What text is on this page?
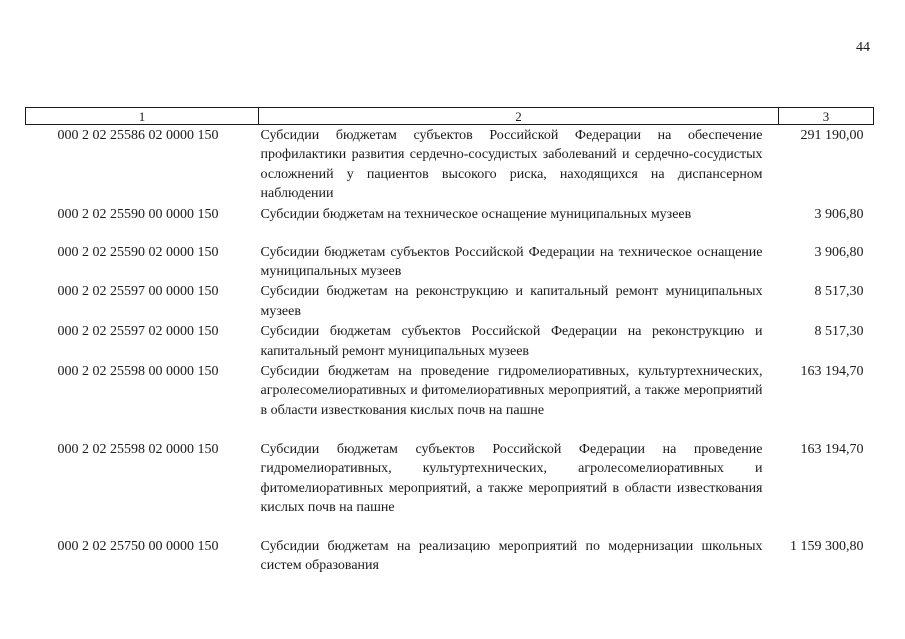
44
1	2	3
000 2 02 25586 02 0000 150	Субсидии бюджетам субъектов Российской Федерации на обеспечение профилактики развития сердечно-сосудистых заболеваний и сердечно-сосудистых осложнений у пациентов высокого риска, находящихся на диспансерном наблюдении	291 190,00
000 2 02 25590 00 0000 150	Субсидии бюджетам на техническое оснащение муниципальных музеев	3 906,80
000 2 02 25590 02 0000 150	Субсидии бюджетам субъектов Российской Федерации на техническое оснащение муниципальных музеев	3 906,80
000 2 02 25597 00 0000 150	Субсидии бюджетам на реконструкцию и капитальный ремонт муниципальных музеев	8 517,30
000 2 02 25597 02 0000 150	Субсидии бюджетам субъектов Российской Федерации на реконструкцию и капитальный ремонт муниципальных музеев	8 517,30
000 2 02 25598 00 0000 150	Субсидии бюджетам на проведение гидромелиоративных, культуртехнических, агролесомелиоративных и фитомелиоративных мероприятий, а также мероприятий в области известкования кислых почв на пашне	163 194,70
000 2 02 25598 02 0000 150	Субсидии бюджетам субъектов Российской Федерации на проведение гидромелиоративных, культуртехнических, агролесомелиоративных и фитомелиоративных мероприятий, а также мероприятий в области известкования кислых почв на пашне	163 194,70
000 2 02 25750 00 0000 150	Субсидии бюджетам на реализацию мероприятий по модернизации школьных систем образования	1 159 300,80
